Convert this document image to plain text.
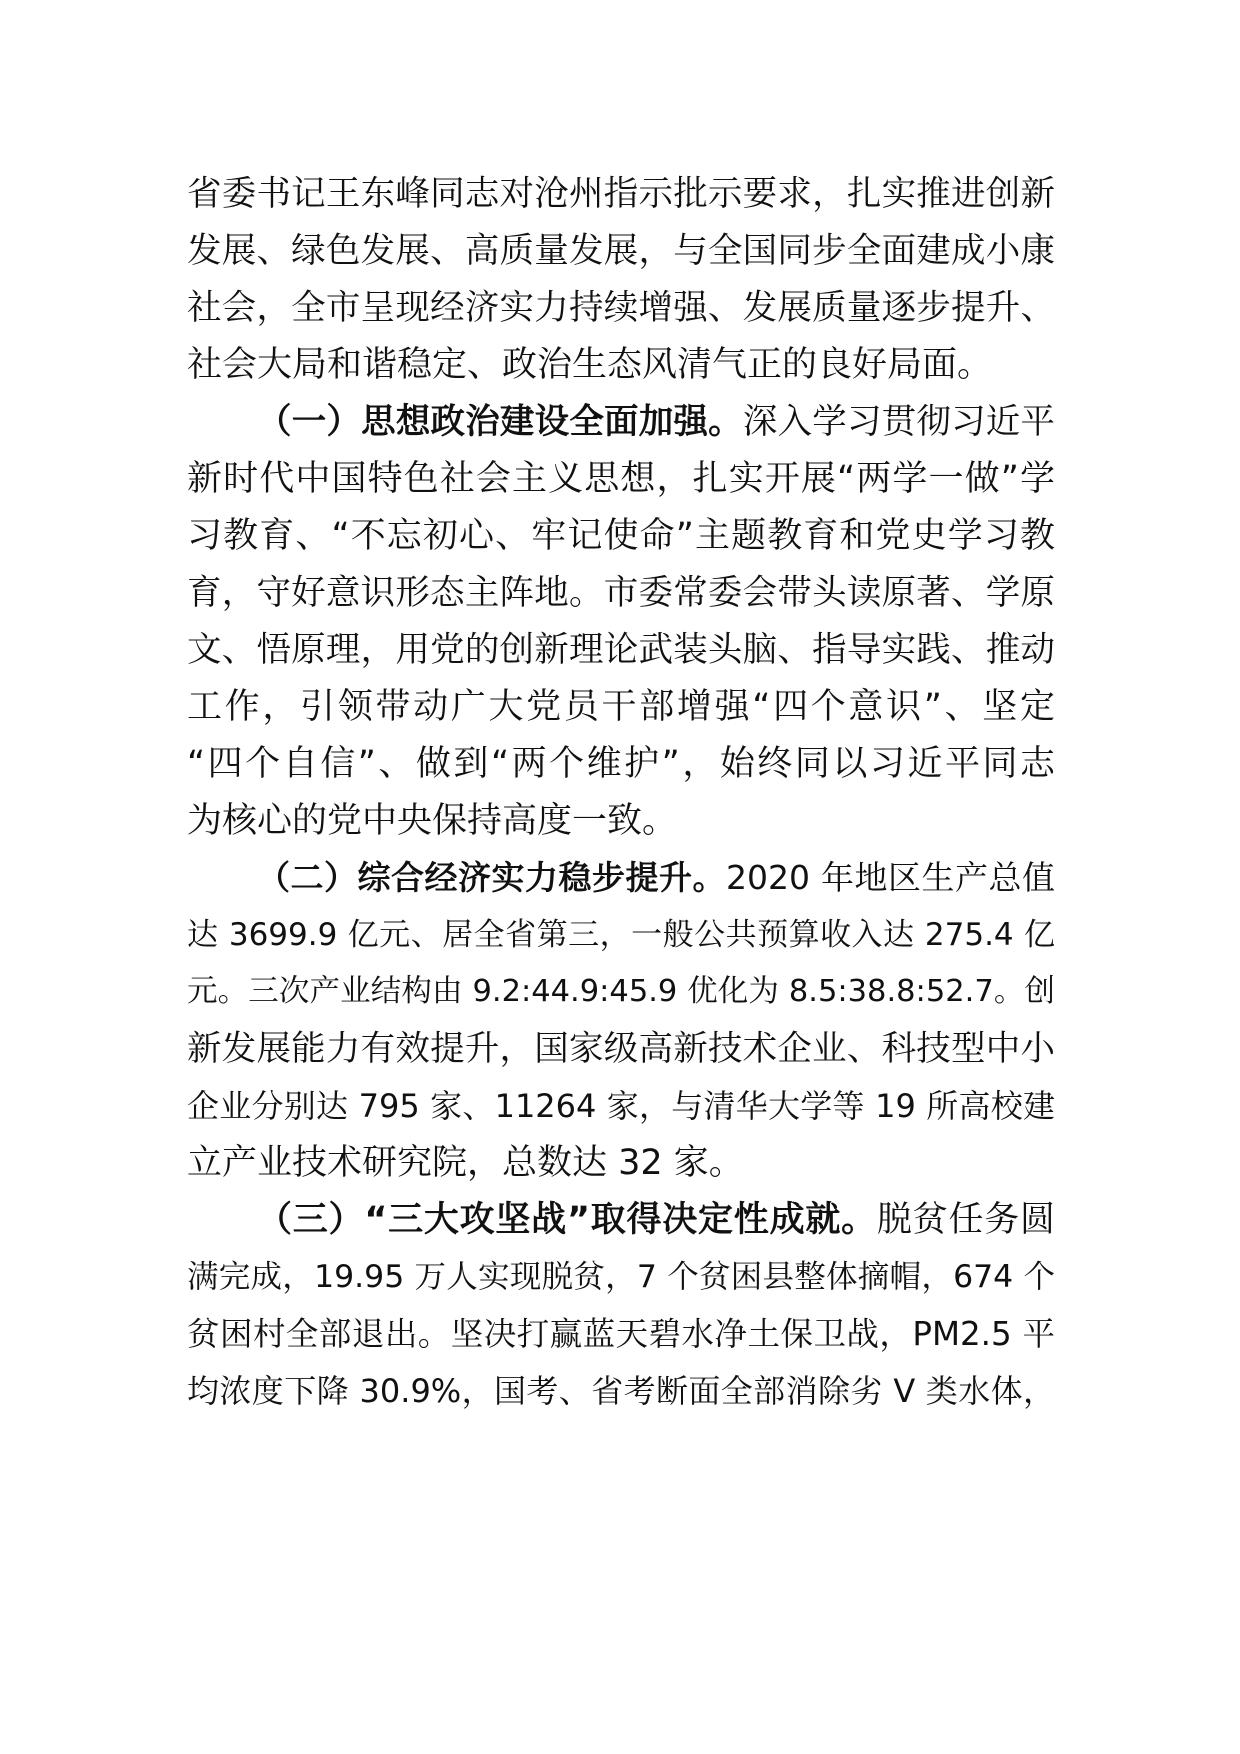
省委书记王东峰同志对沧州指示批示要求，扎实推进创新
发展、绿色发展、高质量发展，与全国同步全面建成小康
社会，全市呈现经济实力持续增强、发展质量逐步提升、
社会大局和谐稳定、政治生态风清气正的良好局面。
（一）思想政治建设全面加强。深入学习贯彻习近平
新时代中国特色社会主义思想，扎实开展“两学一做”学
习教育、“不忘初心、牢记使命”主题教育和党史学习教
育，守好意识形态主阵地。市委常委会带头读原著、学原
文、悟原理，用党的创新理论武装头脑、指导实践、推动
工作，引领带动广大党员干部增强“四个意识”、坚定
“四个自信”、做到“两个维护”，始终同以习近平同志
为核心的党中央保持高度一致。
（二）综合经济实力稳步提升。2020 年地区生产总值
达 3699.9 亿元、居全省第三，一般公共预算收入达 275.4 亿
元。三次产业结构由 9.2:44.9:45.9 优化为 8.5:38.8:52.7。创
新发展能力有效提升，国家级高新技术企业、科技型中小
企业分别达 795 家、11264 家，与清华大学等 19 所高校建
立产业技术研究院，总数达 32 家。
（三）“三大攻坚战”取得决定性成就。脱贫任务圆
满完成，19.95 万人实现脱贫，7 个贫困县整体摘帽，674 个
贫困村全部退出。坚决打赢蓝天碧水净土保卫战，PM2.5 平
均浓度下降 30.9%，国考、省考断面全部消除劣 V 类水体，
